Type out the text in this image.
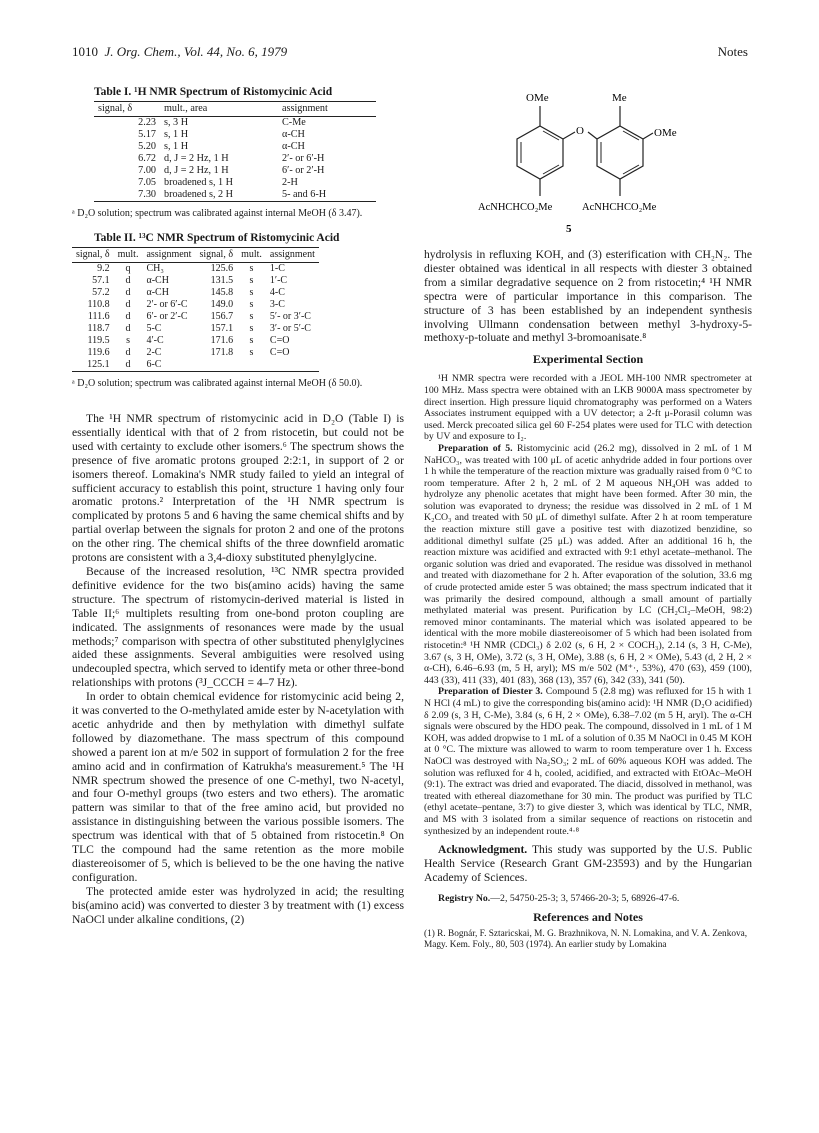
1010 J. Org. Chem., Vol. 44, No. 6, 1979	Notes
Table I. ¹H NMR Spectrum of Ristomycinic Acid
signal, δ	mult., area	assignment
2.23	s, 3 H	C-Me
5.17	s, 1 H	α-CH
5.20	s, 1 H	α-CH
6.72	d, J = 2 Hz, 1 H	2′- or 6′-H
7.00	d, J = 2 Hz, 1 H	6′- or 2′-H
7.05	broadened s, 1 H	2-H
7.30	broadened s, 2 H	5- and 6-H

ᵃ D₂O solution; spectrum was calibrated against internal MeOH (δ 3.47).

Table II. ¹³C NMR Spectrum of Ristomycinic Acid
signal, δ	mult.	assignment	signal, δ	mult.	assignment
9.2	q	CH₃	125.6	s	1-C
57.1	d	α-CH	131.5	s	1′-C
57.2	d	α-CH	145.8	s	4-C
110.8	d	2′- or 6′-C	149.0	s	3-C
111.6	d	6′- or 2′-C	156.7	s	5′- or 3′-C
118.7	d	5-C	157.1	s	3′- or 5′-C
119.5	s	4′-C	171.6	s	C=O
119.6	d	2-C	171.8	s	C=O
125.1	d	6-C			

ᵃ D₂O solution; spectrum was calibrated against internal MeOH (δ 50.0).

The ¹H NMR spectrum of ristomycinic acid in D₂O (Table I) is essentially identical with that of 2 from ristocetin, but could not be used with certainty to exclude other isomers.⁶ The spectrum shows the presence of five aromatic protons grouped 2:2:1, in support of 2 or isomers thereof. Lomakina's NMR study failed to yield an integral of sufficient accuracy to establish this point, structure 1 having only four aromatic protons.² Interpretation of the ¹H NMR spectrum is complicated by protons 5 and 6 having the same chemical shifts and by partial overlap between the signals for proton 2 and one of the protons on the other ring. The chemical shifts of the three downfield aromatic protons are consistent with a 3,4-dioxy substituted phenylglycine.

Because of the increased resolution, ¹³C NMR spectra provided definitive evidence for the two bis(amino acids) having the same structure. The spectrum of ristomycin-derived material is listed in Table II;⁶ multiplets resulting from one-bond proton coupling are indicated. The assignments of resonances were made by the usual methods;⁷ comparison with spectra of other substituted phenylglycines aided these assignments. Several ambiguities were resolved using undecoupled spectra, which served to identify meta or other three-bond relationships with protons (³J_CCCH = 4–7 Hz).

In order to obtain chemical evidence for ristomycinic acid being 2, it was converted to the O-methylated amide ester by N-acetylation with acetic anhydride and then by methylation with dimethyl sulfate followed by diazomethane. The mass spectrum of this compound showed a parent ion at m/e 502 in support of formulation 2 for the free amino acid and in confirmation of Katrukha's measurement.⁵ The ¹H NMR spectrum showed the presence of one C-methyl, two N-acetyl, and four O-methyl groups (two esters and two ethers). The aromatic pattern was similar to that of the free amino acid, but provided no assistance in distinguishing between the various possible isomers. The spectrum was identical with that of 5 obtained from ristocetin.⁸ On TLC the compound had the same retention as the more mobile diastereoisomer of 5, which is believed to be the one having the native configuration.

The protected amide ester was hydrolyzed in acid; the resulting bis(amino acid) was converted to diester 3 by treatment with (1) excess NaOCl under alkaline conditions, (2)

OMe	Me
O	OMe
AcNHCHCO₂Me	AcNHCHCO₂Me
5

hydrolysis in refluxing KOH, and (3) esterification with CH₂N₂. The diester obtained was identical in all respects with diester 3 obtained from a similar degradative sequence on 2 from ristocetin;⁴ ¹H NMR spectra were of particular importance in this comparison. The structure of 3 has been established by an independent synthesis involving Ullmann condensation between methyl 3-hydroxy-5-methoxy-p-toluate and methyl 3-bromoanisate.⁸

Experimental Section

¹H NMR spectra were recorded with a JEOL MH-100 NMR spectrometer at 100 MHz. Mass spectra were obtained with an LKB 9000A mass spectrometer by direct insertion. High pressure liquid chromatography was performed on a Waters Associates instrument equipped with a UV detector; a 2-ft μ-Porasil column was used. Merck precoated silica gel 60 F-254 plates were used for TLC with detection by UV and exposure to I₂.

Preparation of 5. Ristomycinic acid (26.2 mg), dissolved in 2 mL of 1 M NaHCO₃, was treated with 100 μL of acetic anhydride added in four portions over 1 h while the temperature of the reaction mixture was gradually raised from 0 °C to room temperature. After 2 h, 2 mL of 2 M aqueous NH₄OH was added to hydrolyze any phenolic acetates that might have been formed. After 30 min, the solution was evaporated to dryness; the residue was dissolved in 2 mL of 1 M K₂CO₃ and treated with 50 μL of dimethyl sulfate. After 2 h at room temperature the reaction mixture still gave a positive test with diazotized benzidine, so additional dimethyl sulfate (25 μL) was added. After an additional 16 h, the reaction mixture was acidified and extracted with 9:1 ethyl acetate–methanol. The organic solution was dried and evaporated. The residue was dissolved in methanol and treated with diazomethane for 2 h. After evaporation of the solution, 33.6 mg of crude protected amide ester 5 was obtained; the mass spectrum indicated that it was primarily the desired compound, although a small amount of partially methylated material was present. Purification by LC (CH₂Cl₂–MeOH, 98:2) removed minor contaminants. The material which was isolated appeared to be identical with the more mobile diastereoisomer of 5 which had been isolated from ristocetin:⁸ ¹H NMR (CDCl₃) δ 2.02 (s, 6 H, 2 × COCH₃), 2.14 (s, 3 H, C-Me), 3.67 (s, 3 H, OMe), 3.72 (s, 3 H, OMe), 3.88 (s, 6 H, 2 × OMe), 5.43 (d, 2 H, 2 × α-CH), 6.46–6.93 (m, 5 H, aryl); MS m/e 502 (M⁺·, 53%), 470 (63), 459 (100), 443 (33), 411 (33), 401 (83), 368 (13), 357 (6), 342 (33), 341 (50).

Preparation of Diester 3. Compound 5 (2.8 mg) was refluxed for 15 h with 1 N HCl (4 mL) to give the corresponding bis(amino acid): ¹H NMR (D₂O acidified) δ 2.09 (s, 3 H, C-Me), 3.84 (s, 6 H, 2 × OMe), 6.38–7.02 (m 5 H, aryl). The α-CH signals were obscured by the HDO peak. The compound, dissolved in 1 mL of 1 M KOH, was added dropwise to 1 mL of a solution of 0.35 M NaOCl in 0.45 M KOH at 0 °C. The mixture was allowed to warm to room temperature over 1 h. Excess NaOCl was destroyed with Na₂SO₃; 2 mL of 60% aqueous KOH was added. The solution was refluxed for 4 h, cooled, acidified, and extracted with EtOAc–MeOH (9:1). The extract was dried and evaporated. The diacid, dissolved in methanol, was treated with ethereal diazomethane for 30 min. The product was purified by TLC (ethyl acetate–pentane, 3:7) to give diester 3, which was identical by TLC, NMR, and MS with 3 isolated from a similar sequence of reactions on ristocetin and synthesized by an independent route.⁴·⁸

Acknowledgment. This study was supported by the U.S. Public Health Service (Research Grant GM-23593) and by the Hungarian Academy of Sciences.

Registry No.—2, 54750-25-3; 3, 57466-20-3; 5, 68926-47-6.

References and Notes

(1) R. Bognár, F. Sztaricskai, M. G. Brazhnikova, N. N. Lomakina, and V. A. Zenkova, Magy. Kem. Foly., 80, 503 (1974). An earlier study by Lomakina
